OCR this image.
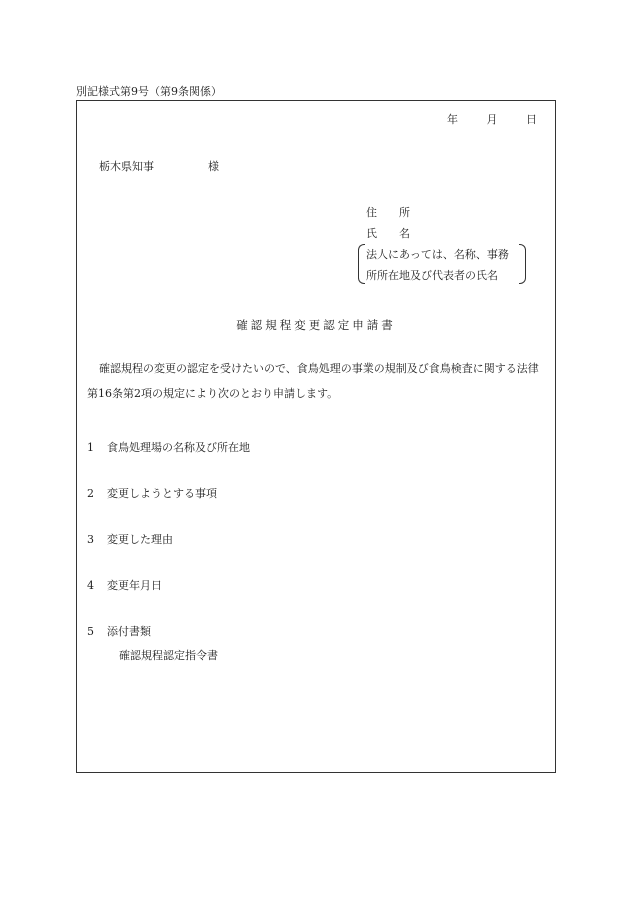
別記様式第9号（第9条関係）
年	月	日
栃木県知事	様
住 所
氏 名
法人にあっては、名称、事務
所所在地及び代表者の氏名
確認規程変更認定申請書
確認規程の変更の認定を受けたいので、食鳥処理の事業の規制及び食鳥検査に関する法律第16条第2項の規定により次のとおり申請します。
1 食鳥処理場の名称及び所在地
2 変更しようとする事項
3 変更した理由
4 変更年月日
5 添付書類
確認規程認定指令書
